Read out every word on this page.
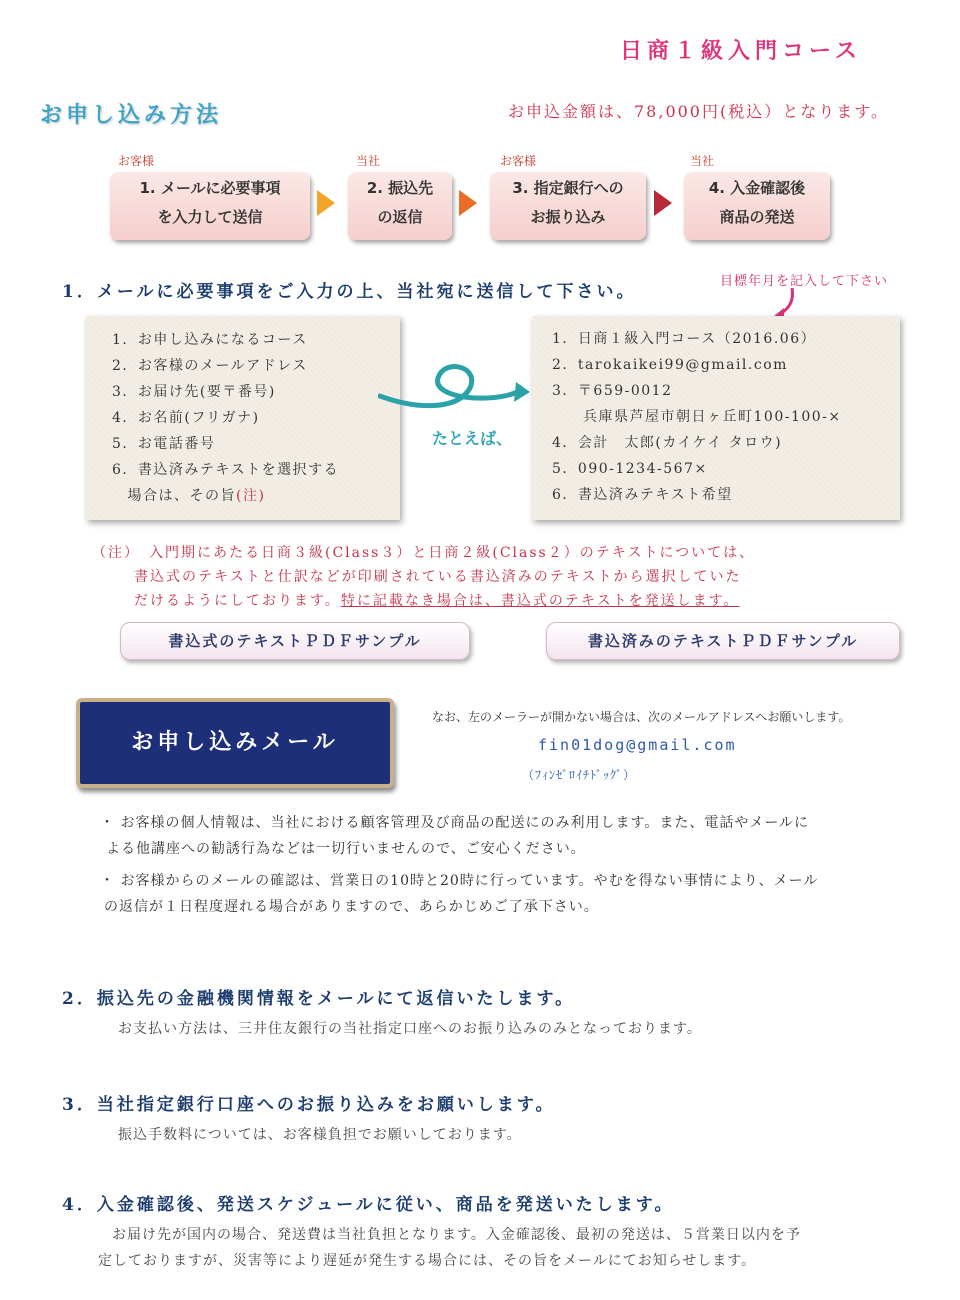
日商１級入門コース
お申し込み方法	お申込金額は、78,000円(税込）となります。
お客様
1. メールに必要事項
を入力して送信
当社
2. 振込先
の返信
お客様
3. 指定銀行への
お振り込み
当社
4. 入金確認後
商品の発送
1．メールに必要事項をご入力の上、当社宛に送信して下さい。
目標年月を記入して下さい
1．お申し込みになるコース
2．お客様のメールアドレス
3．お届け先(要〒番号)
4．お名前(フリガナ)
5．お電話番号
6．書込済みテキストを選択する
　場合は、その旨(注)
たとえば、
1．日商１級入門コース（2016.06）
2．tarokaikei99@gmail.com
3．〒659-0012
　　兵庫県芦屋市朝日ヶ丘町100-100-×
4．会計　太郎(カイケイ タロウ)
5．090-1234-567×
6．書込済みテキスト希望
（注）　入門期にあたる日商３級(Class３）と日商２級(Class２）のテキストについては、
書込式のテキストと仕訳などが印刷されている書込済みのテキストから選択していた
だけるようにしております。特に記載なき場合は、書込式のテキストを発送します。
書込式のテキストＰＤＦサンプル	書込済みのテキストＰＤＦサンプル
お申し込みメール
なお、左のメーラーが開かない場合は、次のメールアドレスへお願いします。
fin01dog@gmail.com
（ﾌｨﾝｾﾞﾛｲﾁﾄﾞｯｸﾞ）
・ お客様の個人情報は、当社における顧客管理及び商品の配送にのみ利用します。また、電話やメールに
よる他講座への勧誘行為などは一切行いませんので、ご安心ください。
・ お客様からのメールの確認は、営業日の10時と20時に行っています。やむを得ない事情により、メール
の返信が１日程度遅れる場合がありますので、あらかじめご了承下さい。
2．振込先の金融機関情報をメールにて返信いたします。
お支払い方法は、三井住友銀行の当社指定口座へのお振り込みのみとなっております。
3．当社指定銀行口座へのお振り込みをお願いします。
振込手数料については、お客様負担でお願いしております。
4．入金確認後、発送スケジュールに従い、商品を発送いたします。
お届け先が国内の場合、発送費は当社負担となります。入金確認後、最初の発送は、５営業日以内を予
定しておりますが、災害等により遅延が発生する場合には、その旨をメールにてお知らせします。
